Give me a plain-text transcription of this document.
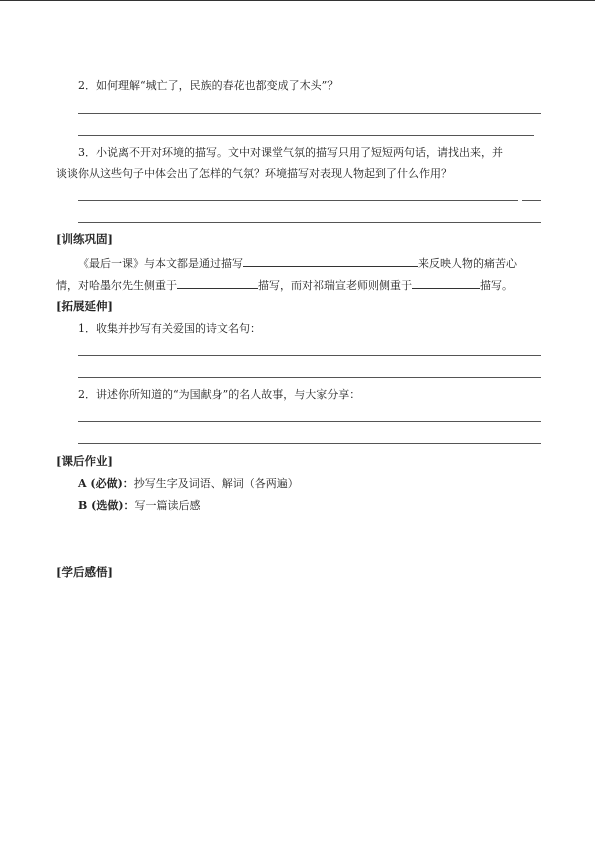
2．如何理解“城亡了，民族的春花也都变成了木头”？
3．小说离不开对环境的描写。文中对课堂气氛的描写只用了短短两句话，请找出来，并
谈谈你从这些句子中体会出了怎样的气氛？环境描写对表现人物起到了什么作用？
[训练巩固]
《最后一课》与本文都是通过描写	来反映人物的痛苦心
情，对哈墨尔先生侧重于	描写，而对祁瑞宣老师则侧重于	描写。
[拓展延伸]
1．收集并抄写有关爱国的诗文名句：
2．讲述你所知道的“为国献身”的名人故事，与大家分享：
[课后作业]
A (必做)：抄写生字及词语、解词（各两遍）
B (选做)：写一篇读后感
[学后感悟]
